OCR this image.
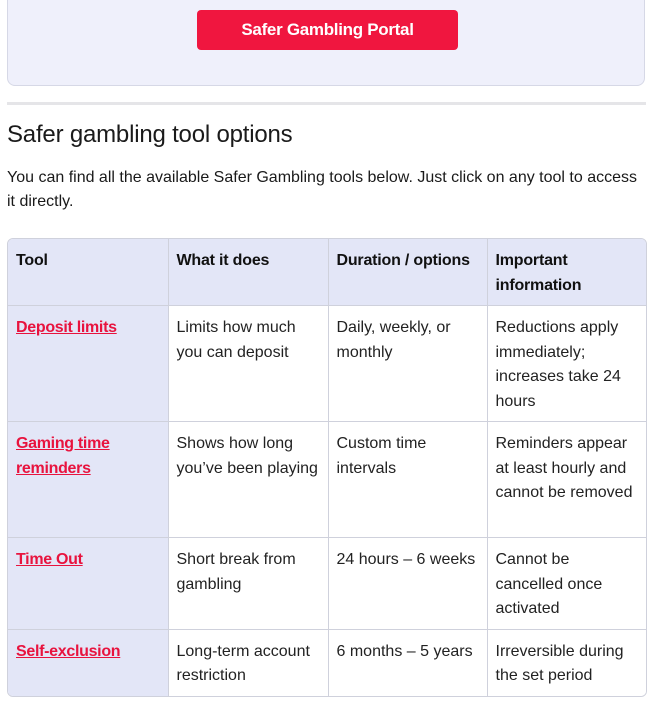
Safer Gambling Portal
Safer gambling tool options

You can find all the available Safer Gambling tools below. Just click on any tool to access it directly.

Tool	What it does	Duration / options	Important information
Deposit limits	Limits how much you can deposit	Daily, weekly, or monthly	Reductions apply immediately; increases take 24 hours
Gaming time reminders	Shows how long you’ve been playing	Custom time intervals	Reminders appear at least hourly and cannot be removed
Time Out	Short break from gambling	24 hours – 6 weeks	Cannot be cancelled once activated
Self-exclusion	Long-term account restriction	6 months – 5 years	Irreversible during the set period
